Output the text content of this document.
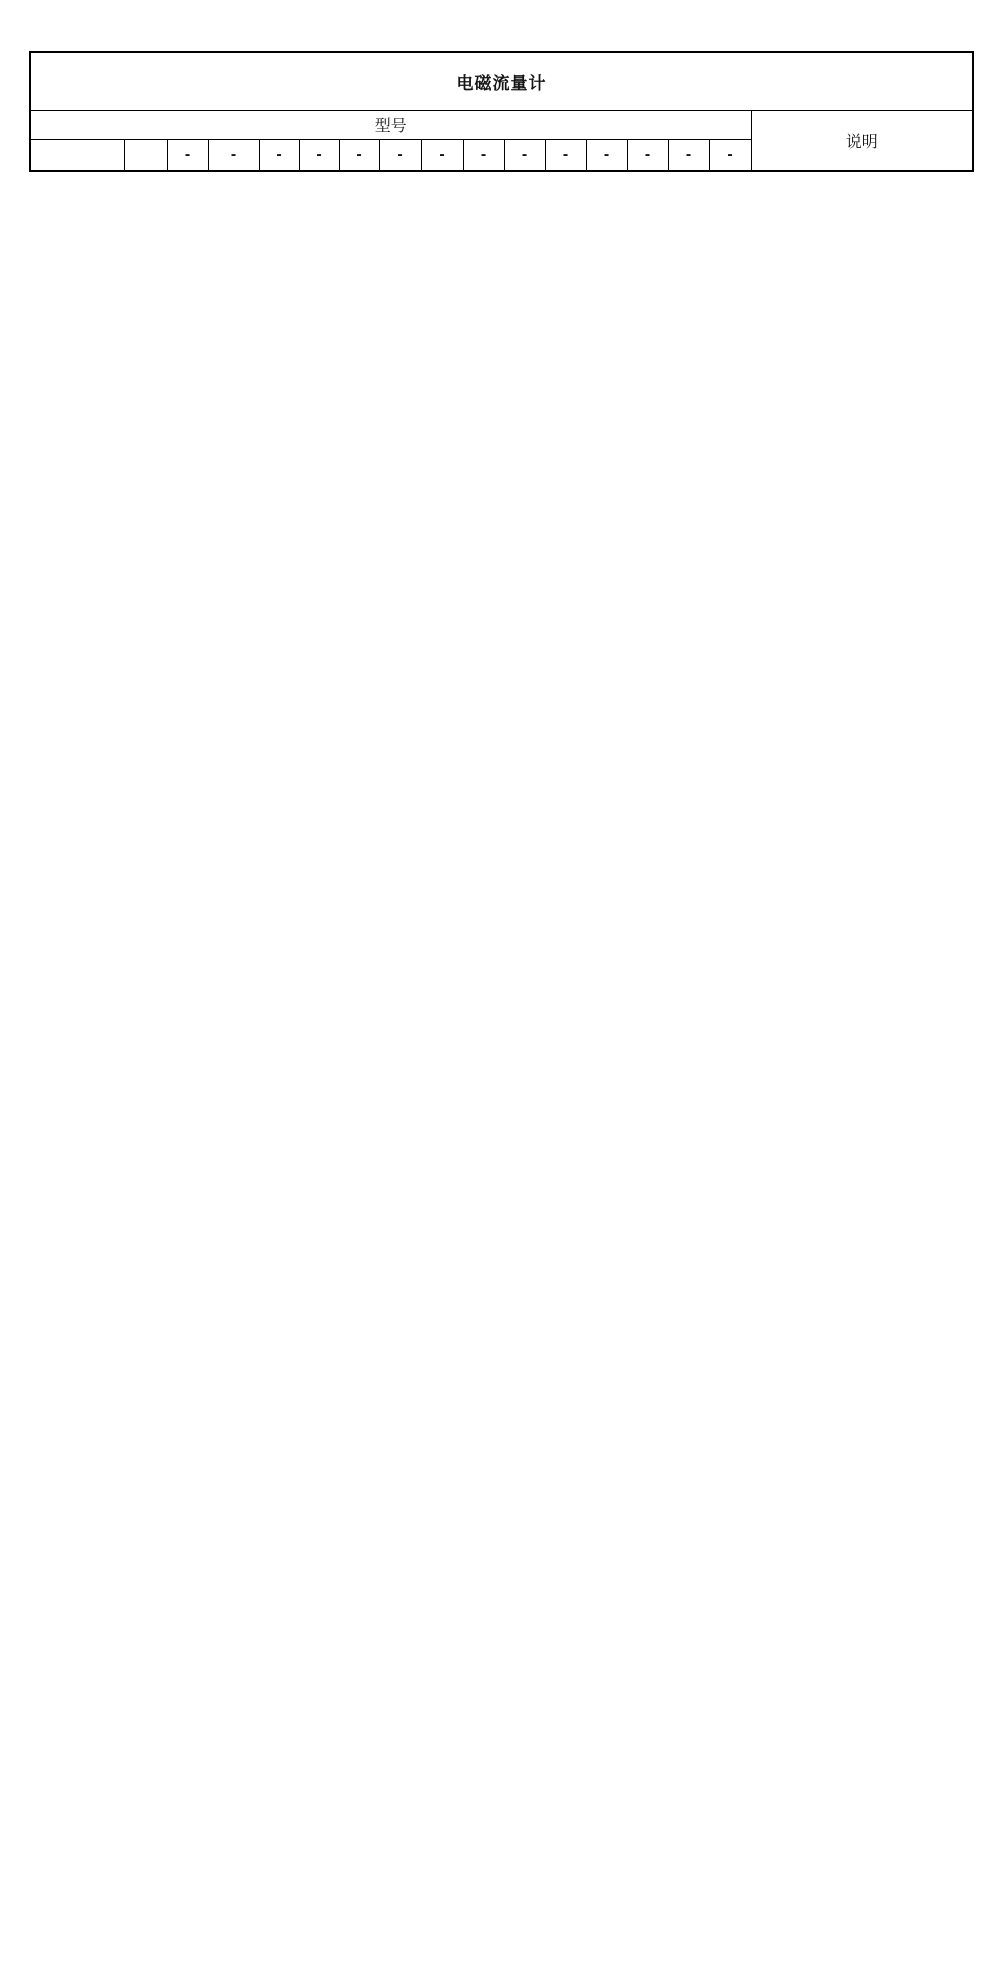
电磁流量计																
型号																说明
		-	-	-	-	-	-	-	-	-	-	-	-	-	-	
